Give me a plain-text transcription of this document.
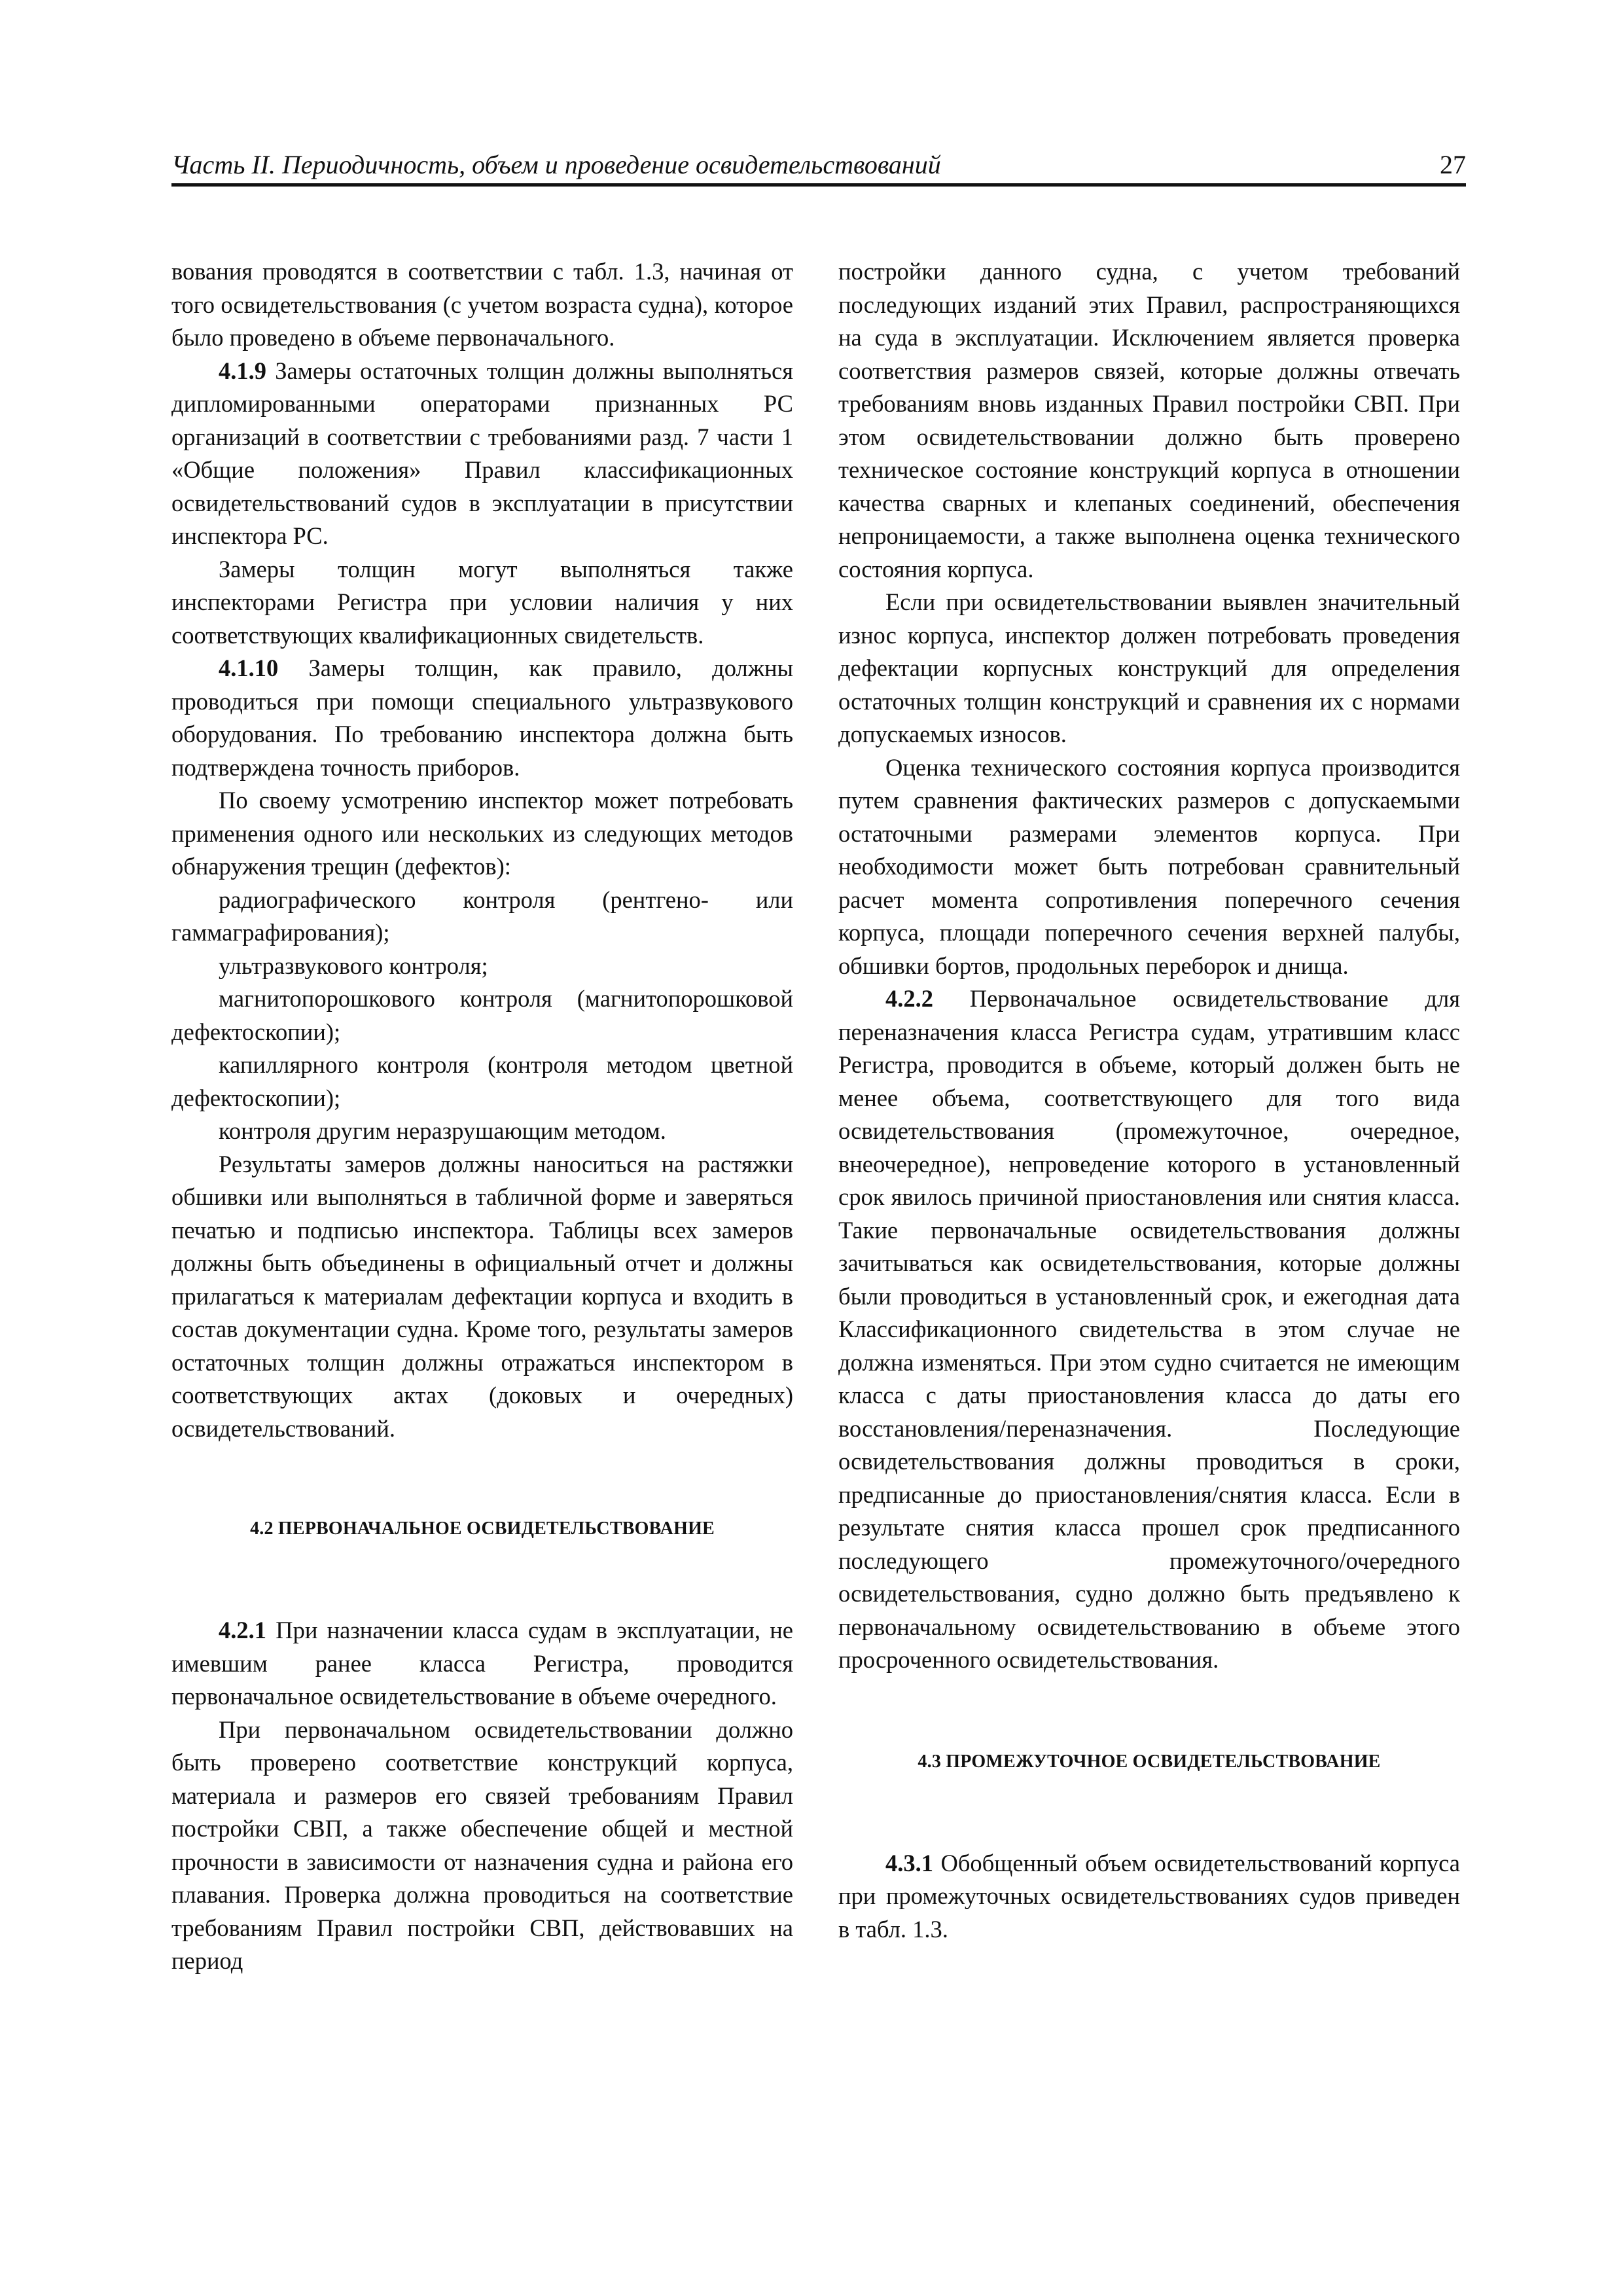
Часть II. Периодичность, объем и проведение освидетельствований	27

вования проводятся в соответствии с табл. 1.3, начиная от того освидетельствования (с учетом возраста судна), которое было проведено в объеме первоначального.

4.1.9 Замеры остаточных толщин должны выполняться дипломированными операторами признанных РС организаций в соответствии с требованиями разд. 7 части 1 «Общие положения» Правил классификационных освидетельствований судов в эксплуатации в присутствии инспектора РС.

Замеры толщин могут выполняться также инспекторами Регистра при условии наличия у них соответствующих квалификационных свидетельств.

4.1.10 Замеры толщин, как правило, должны проводиться при помощи специального ультразвукового оборудования. По требованию инспектора должна быть подтверждена точность приборов.

По своему усмотрению инспектор может потребовать применения одного или нескольких из следующих методов обнаружения трещин (дефектов):

радиографического контроля (рентгено- или гаммаграфирования);

ультразвукового контроля;

магнитопорошкового контроля (магнитопорошковой дефектоскопии);

капиллярного контроля (контроля методом цветной дефектоскопии);

контроля другим неразрушающим методом.

Результаты замеров должны наноситься на растяжки обшивки или выполняться в табличной форме и заверяться печатью и подписью инспектора. Таблицы всех замеров должны быть объединены в официальный отчет и должны прилагаться к материалам дефектации корпуса и входить в состав документации судна. Кроме того, результаты замеров остаточных толщин должны отражаться инспектором в соответствующих актах (доковых и очередных) освидетельствований.

4.2 ПЕРВОНАЧАЛЬНОЕ ОСВИДЕТЕЛЬСТВОВАНИЕ

4.2.1 При назначении класса судам в эксплуатации, не имевшим ранее класса Регистра, проводится первоначальное освидетельствование в объеме очередного.

При первоначальном освидетельствовании должно быть проверено соответствие конструкций корпуса, материала и размеров его связей требованиям Правил постройки СВП, а также обеспечение общей и местной прочности в зависимости от назначения судна и района его плавания. Проверка должна проводиться на соответствие требованиям Правил постройки СВП, действовавших на период

постройки данного судна, с учетом требований последующих изданий этих Правил, распространяющихся на суда в эксплуатации. Исключением является проверка соответствия размеров связей, которые должны отвечать требованиям вновь изданных Правил постройки СВП. При этом освидетельствовании должно быть проверено техническое состояние конструкций корпуса в отношении качества сварных и клепаных соединений, обеспечения непроницаемости, а также выполнена оценка технического состояния корпуса.

Если при освидетельствовании выявлен значительный износ корпуса, инспектор должен потребовать проведения дефектации корпусных конструкций для определения остаточных толщин конструкций и сравнения их с нормами допускаемых износов.

Оценка технического состояния корпуса производится путем сравнения фактических размеров с допускаемыми остаточными размерами элементов корпуса. При необходимости может быть потребован сравнительный расчет момента сопротивления поперечного сечения корпуса, площади поперечного сечения верхней палубы, обшивки бортов, продольных переборок и днища.

4.2.2 Первоначальное освидетельствование для переназначения класса Регистра судам, утратившим класс Регистра, проводится в объеме, который должен быть не менее объема, соответствующего для того вида освидетельствования (промежуточное, очередное, внеочередное), непроведение которого в установленный срок явилось причиной приостановления или снятия класса. Такие первоначальные освидетельствования должны зачитываться как освидетельствования, которые должны были проводиться в установленный срок, и ежегодная дата Классификационного свидетельства в этом случае не должна изменяться. При этом судно считается не имеющим класса с даты приостановления класса до даты его восстановления/переназначения. Последующие освидетельствования должны проводиться в сроки, предписанные до приостановления/снятия класса. Если в результате снятия класса прошел срок предписанного последующего промежуточного/очередного освидетельствования, судно должно быть предъявлено к первоначальному освидетельствованию в объеме этого просроченного освидетельствования.

4.3 ПРОМЕЖУТОЧНОЕ ОСВИДЕТЕЛЬСТВОВАНИЕ

4.3.1 Обобщенный объем освидетельствований корпуса при промежуточных освидетельствованиях судов приведен в табл. 1.3.
